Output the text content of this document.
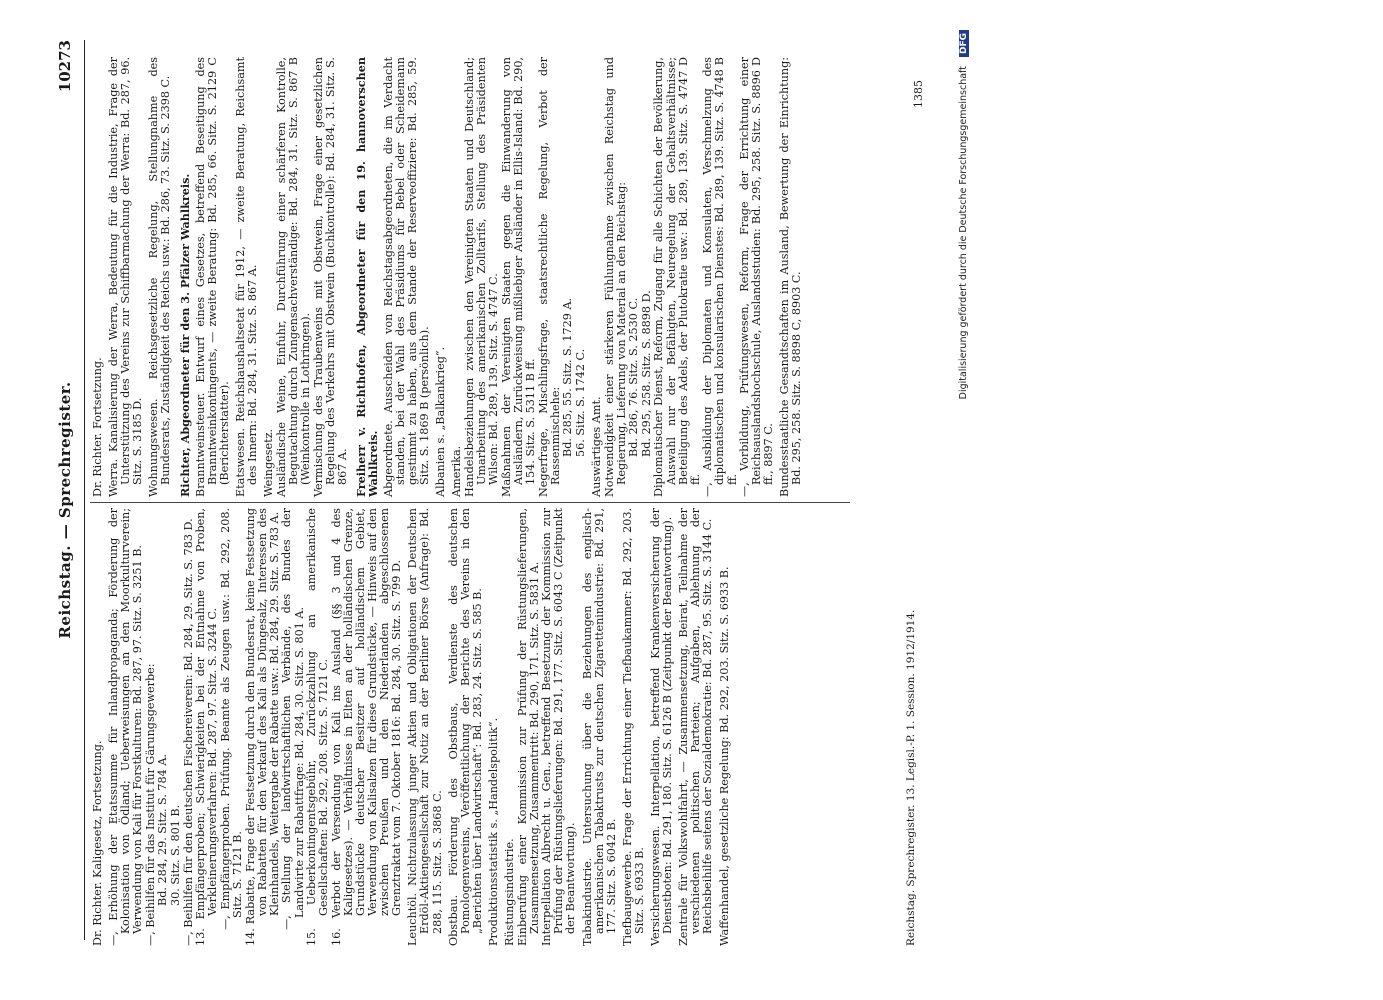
Reichstag. — Sprechregister.
10273

Dr. Richter. Kaligesetz, Fortsetzung. —, Erhöhung der Etatssumme für Inlandpropaganda; Förderung der Kolonisation von Ödland; Ueberweisungen an den Moorkulturverein; Verwendung von Kali für Forstkulturen: Bd. 287, 97. Sitz. S. 3251 B. —, Beihilfen für das Institut für Gärungsgewerbe: Bd. 284, 29. Sitz. S. 784 A. 30. Sitz. S. 801 B. —, Beihilfen für den deutschen Fischereiverein: Bd. 284, 29. Sitz. S. 783 D. 13. Empfängerproben; Schwierigkeiten bei der Entnahme von Proben, Verkleinerungsverfahren: Bd. 287, 97. Sitz. S. 3244 C. —, Empfängerproben. Prüfung. Beamte als Zeugen usw.: Bd. 292, 208. Sitz. S. 7121 B. 14. Rabatte, Frage der Festsetzung durch den Bundesrat, keine Festsetzung von Rabatten für den Verkauf des Kali als Düngesalz, Interessen des Kleinhandels, Weitergabe der Rabatte usw.: Bd. 284, 29. Sitz. S. 783 A. —, Stellung der landwirtschaftlichen Verbände, des Bundes der Landwirte zur Rabattfrage: Bd. 284, 30. Sitz. S. 801 A. 15. Ueberkontingentsgebühr, Zurückzahlung an amerikanische Gesellschaften: Bd. 292, 208. Sitz. S. 7121 C. 16. Verbot der Versendung von Kali ins Ausland (§§ 3 und 4 des Kaligesetzes). — Verhältnisse in Elten an der holländischen Grenze, Grundstücke deutscher Besitzer auf holländischem Gebiet, Verwendung von Kalisalzen für diese Grundstücke, — Hinweis auf den zwischen Preußen und den Niederlanden abgeschlossenen Grenztraktat vom 7. Oktober 1816: Bd. 284, 30. Sitz. S. 799 D. Leuchtöl. Nichtzulassung junger Aktien und Obligationen der Deutschen Erdöl-Aktiengesellschaft zur Notiz an der Berliner Börse (Anfrage): Bd. 288, 115. Sitz. S. 3868 C. Obstbau. Förderung des Obstbaus, Verdienste des deutschen Pomologenvereins, Veröffentlichung der Berichte des Vereins in den „Berichten über Landwirtschaft“: Bd. 283, 24. Sitz. S. 585 B. Produktionsstatistik s. „Handelspolitik“. Rüstungsindustrie. Einberufung einer Kommission zur Prüfung der Rüstungslieferungen, Zusammensetzung, Zusammentritt: Bd. 290, 171. Sitz. S. 5831 A. Interpellation Albrecht u. Gen., betreffend Besetzung der Kommission zur Prüfung der Rüstungslieferungen: Bd. 291, 177. Sitz. S. 6043 C (Zeitpunkt der Beantwortung). Tabakindustrie. Untersuchung über die Beziehungen des englisch-amerikanischen Tabaktrusts zur deutschen Zigarettenindustrie: Bd. 291, 177. Sitz. S. 6042 B. Tiefbaugewerbe. Frage der Errichtung einer Tiefbaukammer: Bd. 292, 203. Sitz. S. 6933 B. Versicherungswesen. Interpellation, betreffend Krankenversicherung der Dienstboten: Bd. 291, 180. Sitz. S. 6126 B (Zeitpunkt der Beantwortung). Zentrale für Volkswohlfahrt, — Zusammensetzung, Beirat, Teilnahme der verschiedenen politischen Parteien; Aufgaben, Ablehnung der Reichsbeihilfe seitens der Sozialdemokratie: Bd. 287, 95. Sitz. S. 3144 C. Waffenhandel, gesetzliche Regelung: Bd. 292, 203. Sitz. S. 6933 B.

Dr. Richter. Fortsetzung. Werra. Kanalisierung der Werra, Bedeutung für die Industrie, Frage der Unterstützung des Vereins zur Schiffbarmachung der Werra: Bd. 287, 96. Sitz. S. 3185 D. Wohnungswesen. Reichsgesetzliche Regelung, Stellungnahme des Bundesrats, Zuständigkeit des Reichs usw.: Bd. 286, 73. Sitz. S. 2398 C. Richter, Abgeordneter für den 3. Pfälzer Wahlkreis. Branntweinsteuer. Entwurf eines Gesetzes, betreffend Beseitigung des Branntweinkontingents, — zweite Beratung: Bd. 285, 66. Sitz. S. 2129 C (Berichterstatter). Etatswesen. Reichshaushaltsetat für 1912, — zweite Beratung, Reichsamt des Innern: Bd. 284, 31. Sitz. S. 867 A. Weingesetz. Ausländische Weine, Einfuhr, Durchführung einer schärferen Kontrolle, Begutachtung durch Zungensachverständige: Bd. 284, 31. Sitz. S. 867 B (Weinkontrolle in Lothringen). Vermischung des Traubenweins mit Obstwein, Frage einer gesetzlichen Regelung des Verkehrs mit Obstwein (Buchkontrolle): Bd. 284, 31. Sitz. S. 867 A. Freiherr v. Richthofen, Abgeordneter für den 19. hannoverschen Wahlkreis. Abgeordnete. Ausscheiden von Reichstagsabgeordneten, die im Verdacht standen, bei der Wahl des Präsidiums für Bebel oder Scheidemann gestimmt zu haben, aus dem Stande der Reserveoffiziere: Bd. 285, 59. Sitz. S. 1869 B (persönlich). Albanien s. „Balkankrieg“. Amerika. Handelsbeziehungen zwischen den Vereinigten Staaten und Deutschland; Umarbeitung des amerikanischen Zolltarifs, Stellung des Präsidenten Wilson: Bd. 289, 139. Sitz. S. 4747 C. Maßnahmen der Vereinigten Staaten gegen die Einwanderung von Ausländern, Zurückweisung mißliebiger Ausländer in Ellis-Island: Bd. 290, 154. Sitz. S. 5311 B ff. Negerfrage, Mischlingsfrage, staatsrechtliche Regelung, Verbot der Rassenmischehe: Bd. 285, 55. Sitz. S. 1729 A. 56. Sitz. S. 1742 C. Auswärtiges Amt. Notwendigkeit einer stärkeren Fühlungnahme zwischen Reichstag und Regierung, Lieferung von Material an den Reichstag: Bd. 286, 76. Sitz. S. 2530 C. Bd. 295, 258. Sitz. S. 8898 D. Diplomatischer Dienst, Reform, Zugang für alle Schichten der Bevölkerung, Auswahl nur der Befähigten, Neuregelung der Gehaltsverhältnisse; Beteiligung des Adels, der Plutokratie usw.: Bd. 289, 139. Sitz. S. 4747 D ff. —, Ausbildung der Diplomaten und Konsulaten, Verschmelzung des diplomatischen und konsularischen Dienstes: Bd. 289, 139. Sitz. S. 4748 B ff. —, Vorbildung, Prüfungswesen, Reform, Frage der Errichtung einer Reichsauslandshochschule, Auslandsstudien: Bd. 295, 258. Sitz. S. 8896 D ff., 8897 C. Bundesstaatliche Gesandtschaften im Ausland, Bewertung der Einrichtung: Bd. 295, 258. Sitz. S. 8898 C, 8903 C.

Reichstag. Sprechregister. 13. Legisl.-P. 1. Session. 1912/1914.
1385	Digitalisierung gefördert durch die Deutsche Forschungsgemeinschaft DFG
